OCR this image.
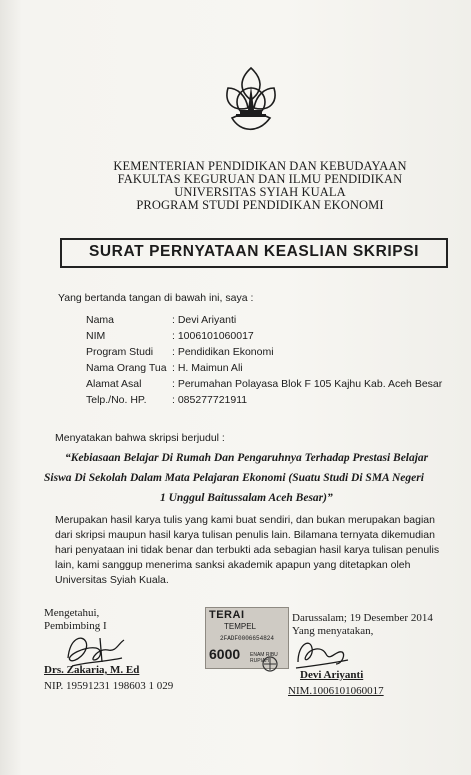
KEMENTERIAN PENDIDIKAN DAN KEBUDAYAAN
FAKULTAS KEGURUAN DAN ILMU PENDIDIKAN
UNIVERSITAS SYIAH KUALA
PROGRAM STUDI PENDIDIKAN EKONOMI
SURAT PERNYATAAN KEASLIAN SKRIPSI
Yang bertanda tangan di bawah ini, saya :
Nama	: Devi Ariyanti
NIM	: 1006101060017
Program Studi : Pendidikan Ekonomi
Nama Orang Tua : H. Maimun Ali
Alamat Asal	: Perumahan Polayasa Blok F 105 Kajhu Kab. Aceh Besar
Telp./No. HP. : 085277721911
Menyatakan bahwa skripsi berjudul :
“Kebiasaan Belajar Di Rumah Dan Pengaruhnya Terhadap Prestasi Belajar
Siswa Di Sekolah Dalam Mata Pelajaran Ekonomi (Suatu Studi Di SMA Negeri
1 Unggul Baitussalam Aceh Besar)”
Merupakan hasil karya tulis yang kami buat sendiri, dan bukan merupakan bagian
dari skripsi maupun hasil karya tulisan penulis lain. Bilamana ternyata dikemudian
hari penyataan ini tidak benar dan terbukti ada sebagian hasil karya tulisan penulis
lain, kami sanggup menerima sanksi akademik apapun yang ditetapkan oleh
Universitas Syiah Kuala.
Mengetahui,
Pembimbing I
Drs. Zakaria, M. Ed
NIP. 19591231 198603 1 029
TERAI
TEMPEL
2FADF0006654824
6000 ENAM RIBU RUPIAH
Darussalam; 19 Desember 2014
Yang menyatakan,
Devi Ariyanti
NIM.1006101060017
